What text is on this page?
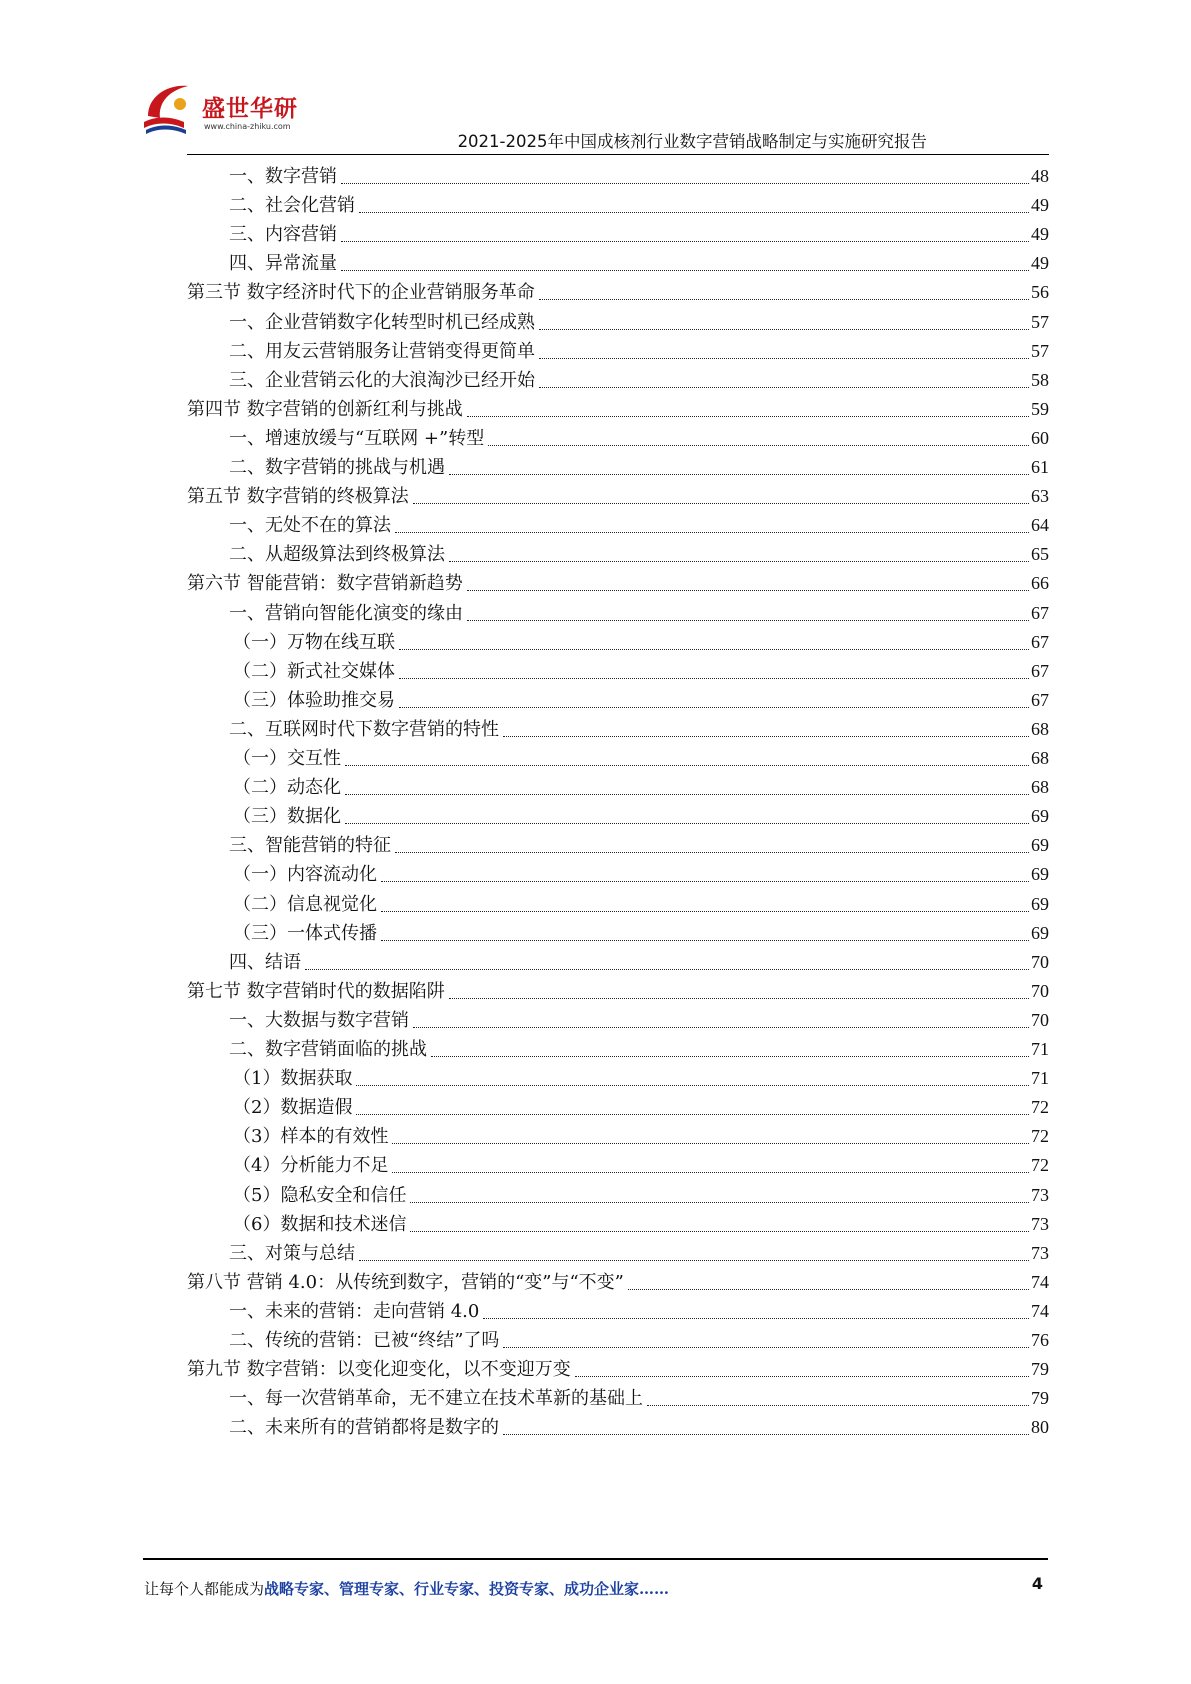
盛世华研
www.china-zhiku.com
2021-2025年中国成核剂行业数字营销战略制定与实施研究报告
一、数字营销	48
二、社会化营销	49
三、内容营销	49
四、异常流量	49
第三节 数字经济时代下的企业营销服务革命	56
一、企业营销数字化转型时机已经成熟	57
二、用友云营销服务让营销变得更简单	57
三、企业营销云化的大浪淘沙已经开始	58
第四节 数字营销的创新红利与挑战	59
一、增速放缓与“互联网 +”转型	60
二、数字营销的挑战与机遇	61
第五节 数字营销的终极算法	63
一、无处不在的算法	64
二、从超级算法到终极算法	65
第六节 智能营销：数字营销新趋势	66
一、营销向智能化演变的缘由	67
（一）万物在线互联	67
（二）新式社交媒体	67
（三）体验助推交易	67
二、互联网时代下数字营销的特性	68
（一）交互性	68
（二）动态化	68
（三）数据化	69
三、智能营销的特征	69
（一）内容流动化	69
（二）信息视觉化	69
（三）一体式传播	69
四、结语	70
第七节 数字营销时代的数据陷阱	70
一、大数据与数字营销	70
二、数字营销面临的挑战	71
（1）数据获取	71
（2）数据造假	72
（3）样本的有效性	72
（4）分析能力不足	72
（5）隐私安全和信任	73
（6）数据和技术迷信	73
三、对策与总结	73
第八节 营销 4.0：从传统到数字，营销的“变”与“不变”	74
一、未来的营销：走向营销 4.0	74
二、传统的营销：已被“终结”了吗	76
第九节 数字营销：以变化迎变化，以不变迎万变	79
一、每一次营销革命，无不建立在技术革新的基础上	79
二、未来所有的营销都将是数字的	80
让每个人都能成为战略专家、管理专家、行业专家、投资专家、成功企业家……	4
